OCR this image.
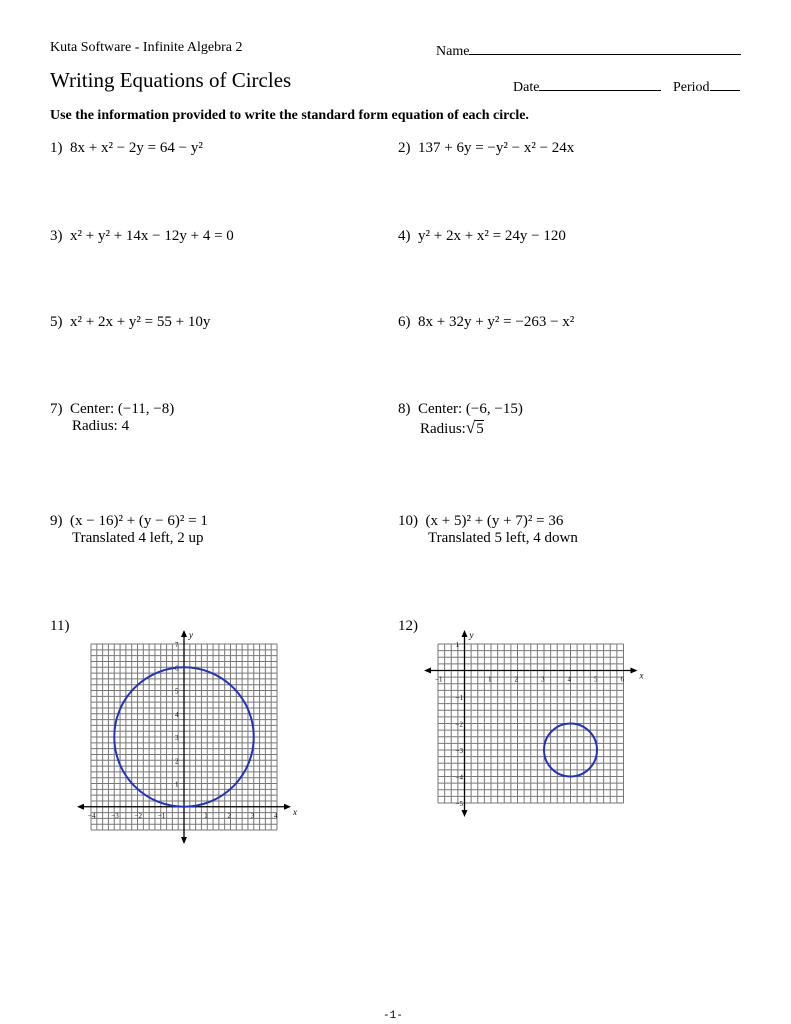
Kuta Software - Infinite Algebra 2	Name
Writing Equations of Circles	Date	Period
Use the information provided to write the standard form equation of each circle.
1) 8x + x² − 2y = 64 − y²	2) 137 + 6y = −y² − x² − 24x
3) x² + y² + 14x − 12y + 4 = 0	4) y² + 2x + x² = 24y − 120
5) x² + 2x + y² = 55 + 10y	6) 8x + 32y + y² = −263 − x²
7) Center: (−11, −8)
Radius: 4
8) Center: (−6, −15)
Radius:√5
9) (x − 16)² + (y − 6)² = 1
Translated 4 left, 2 up
10) (x + 5)² + (y + 7)² = 36
Translated 5 left, 4 down
11)	12)
x
y
−4 −3 −2 −1	1	2	3	4
7
6
5
4
3
2
1
x
y
−1	1	2	3	4	5	6
1
−1
−2
−3
−4
−5
-1-
